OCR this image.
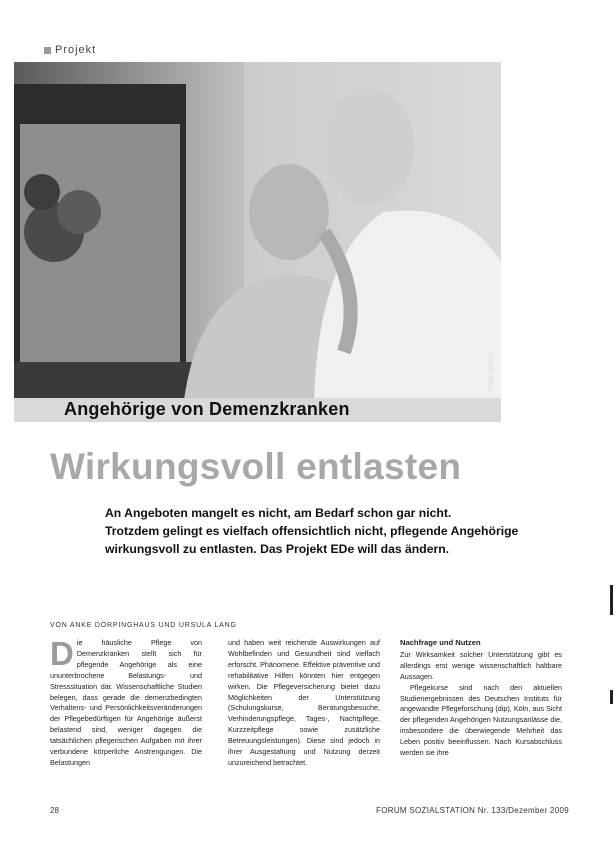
Projekt
Foto: Archiv
Angehörige von Demenzkranken
Wirkungsvoll entlasten

An Angeboten mangelt es nicht, am Bedarf schon gar nicht.

Trotzdem gelingt es vielfach offensichtlich nicht, pflegende Angehörige

wirkungsvoll zu entlasten. Das Projekt EDe will das ändern.

VON ANKE DÖRPINGHAUS UND URSULA LANG
D ie häusliche Pflege von Demenzkranken stellt sich für pflegende Angehörige als eine ununterbrochene Belastungs- und Stresssituation dar. Wissenschaftliche Studien belegen, dass gerade die demenzbedingten Verhaltens- und Persönlichkeitsveränderungen der Pflegebedürftigen für Angehörige äußerst belastend sind, weniger dagegen die tatsächlichen pflegerischen Aufgaben mit ihrer verbundene körperliche Anstrengungen. Die Belastungen

und haben weit reichende Auswirkungen auf Wohlbefinden und Gesundheit sind vielfach erforscht. Phänomene. Effektive präventive und rehabilitative Hilfen könnten hier entgegen wirken. Die Pflegeversicherung bietet dazu Möglichkeiten der Unterstützung (Schulungskurse, Beratungsbesuche, Verhinderungspflege, Tages-, Nachtpflege, Kurzzeitpflege sowie zusätzliche Betreuungsleistungen). Diese sind jedoch in ihrer Ausgestaltung und Nutzung derzeit unzureichend betrachtet.

Nachfrage und Nutzen

Zur Wirksamkeit solcher Unterstützung gibt es allerdings erst wenige wissenschaftlich haltbare Aussagen.

Pflegekurse sind nach den aktuellen Studienergebnissen des Deutschen Instituts für angewandte Pflegeforschung (dip), Köln, aus Sicht der pflegenden Angehörigen Nutzungsanlässe die, insbesondere die überwiegende Mehrheit das Leben positiv beeinflussen. Nach Kursabschluss werden sie ihre

28	FORUM SOZIALSTATION Nr. 133/Dezember 2009
